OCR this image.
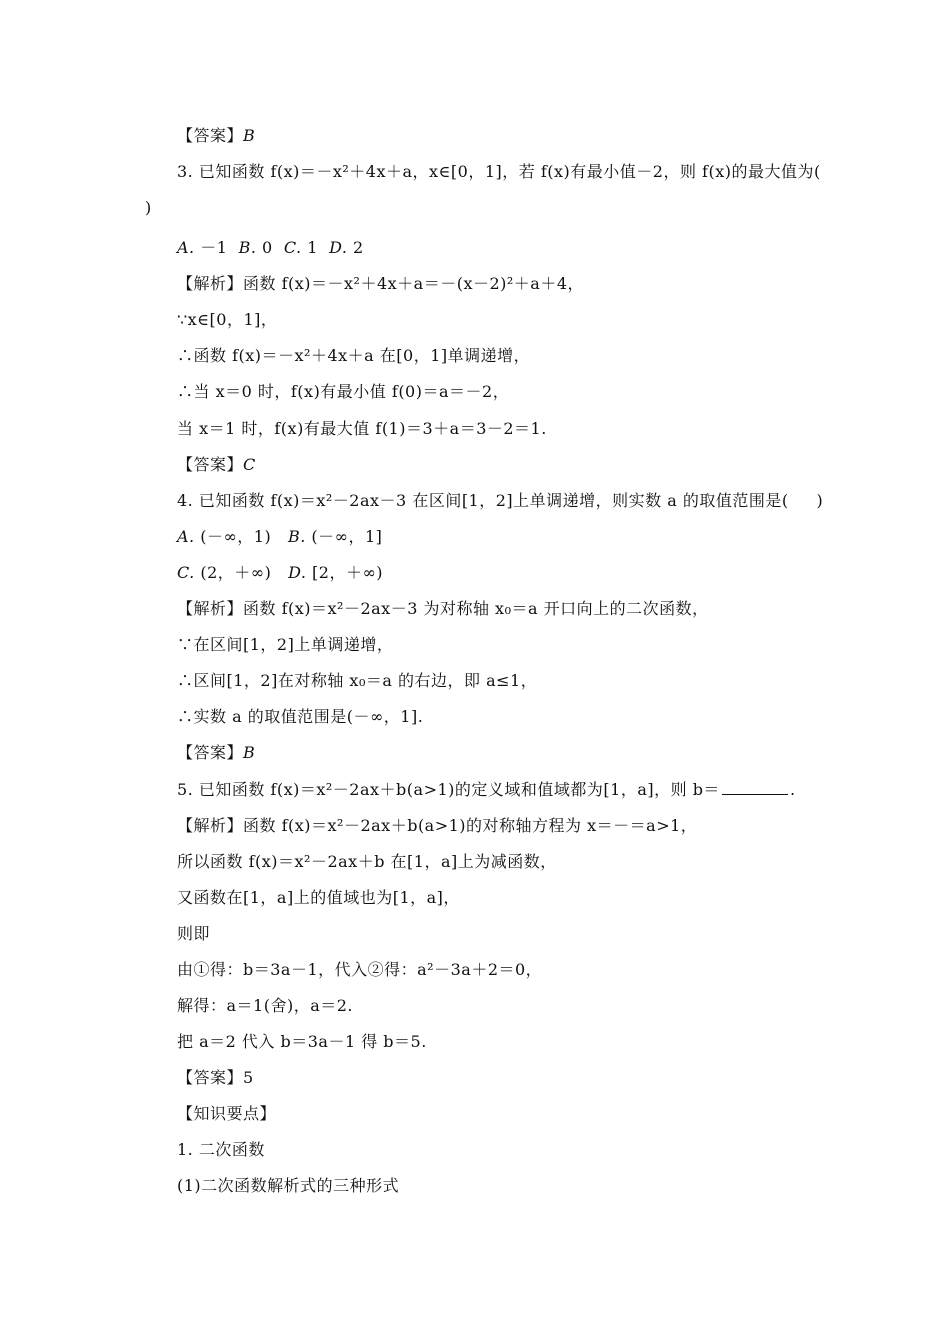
【答案】B
3. 已知函数 f(x)＝－x²＋4x＋a，x∈[0，1]，若 f(x)有最小值－2，则 f(x)的最大值为(
)
A. －1  B. 0  C. 1  D. 2
【解析】函数 f(x)＝－x²＋4x＋a＝－(x－2)²＋a＋4，
∵x∈[0，1]，
∴函数 f(x)＝－x²＋4x＋a 在[0，1]单调递增，
∴当 x＝0 时，f(x)有最小值 f(0)＝a＝－2，
当 x＝1 时，f(x)有最大值 f(1)＝3＋a＝3－2＝1.
【答案】C
4. 已知函数 f(x)＝x²－2ax－3 在区间[1，2]上单调递增，则实数 a 的取值范围是(     )
A. (－∞，1)   B. (－∞，1]
C. (2，＋∞)   D. [2，＋∞)
【解析】函数 f(x)＝x²－2ax－3 为对称轴 x₀＝a 开口向上的二次函数，
∵在区间[1，2]上单调递增，
∴区间[1，2]在对称轴 x₀＝a 的右边，即 a≤1，
∴实数 a 的取值范围是(－∞，1].
【答案】B
5. 已知函数 f(x)＝x²－2ax＋b(a>1)的定义域和值域都为[1，a]，则 b＝	.
【解析】函数 f(x)＝x²－2ax＋b(a>1)的对称轴方程为 x＝－＝a>1，
所以函数 f(x)＝x²－2ax＋b 在[1，a]上为减函数，
又函数在[1，a]上的值域也为[1，a]，
则即
由①得：b＝3a－1，代入②得：a²－3a＋2＝0，
解得：a＝1(舍)，a＝2.
把 a＝2 代入 b＝3a－1 得 b＝5.
【答案】5
【知识要点】
1. 二次函数
(1)二次函数解析式的三种形式
